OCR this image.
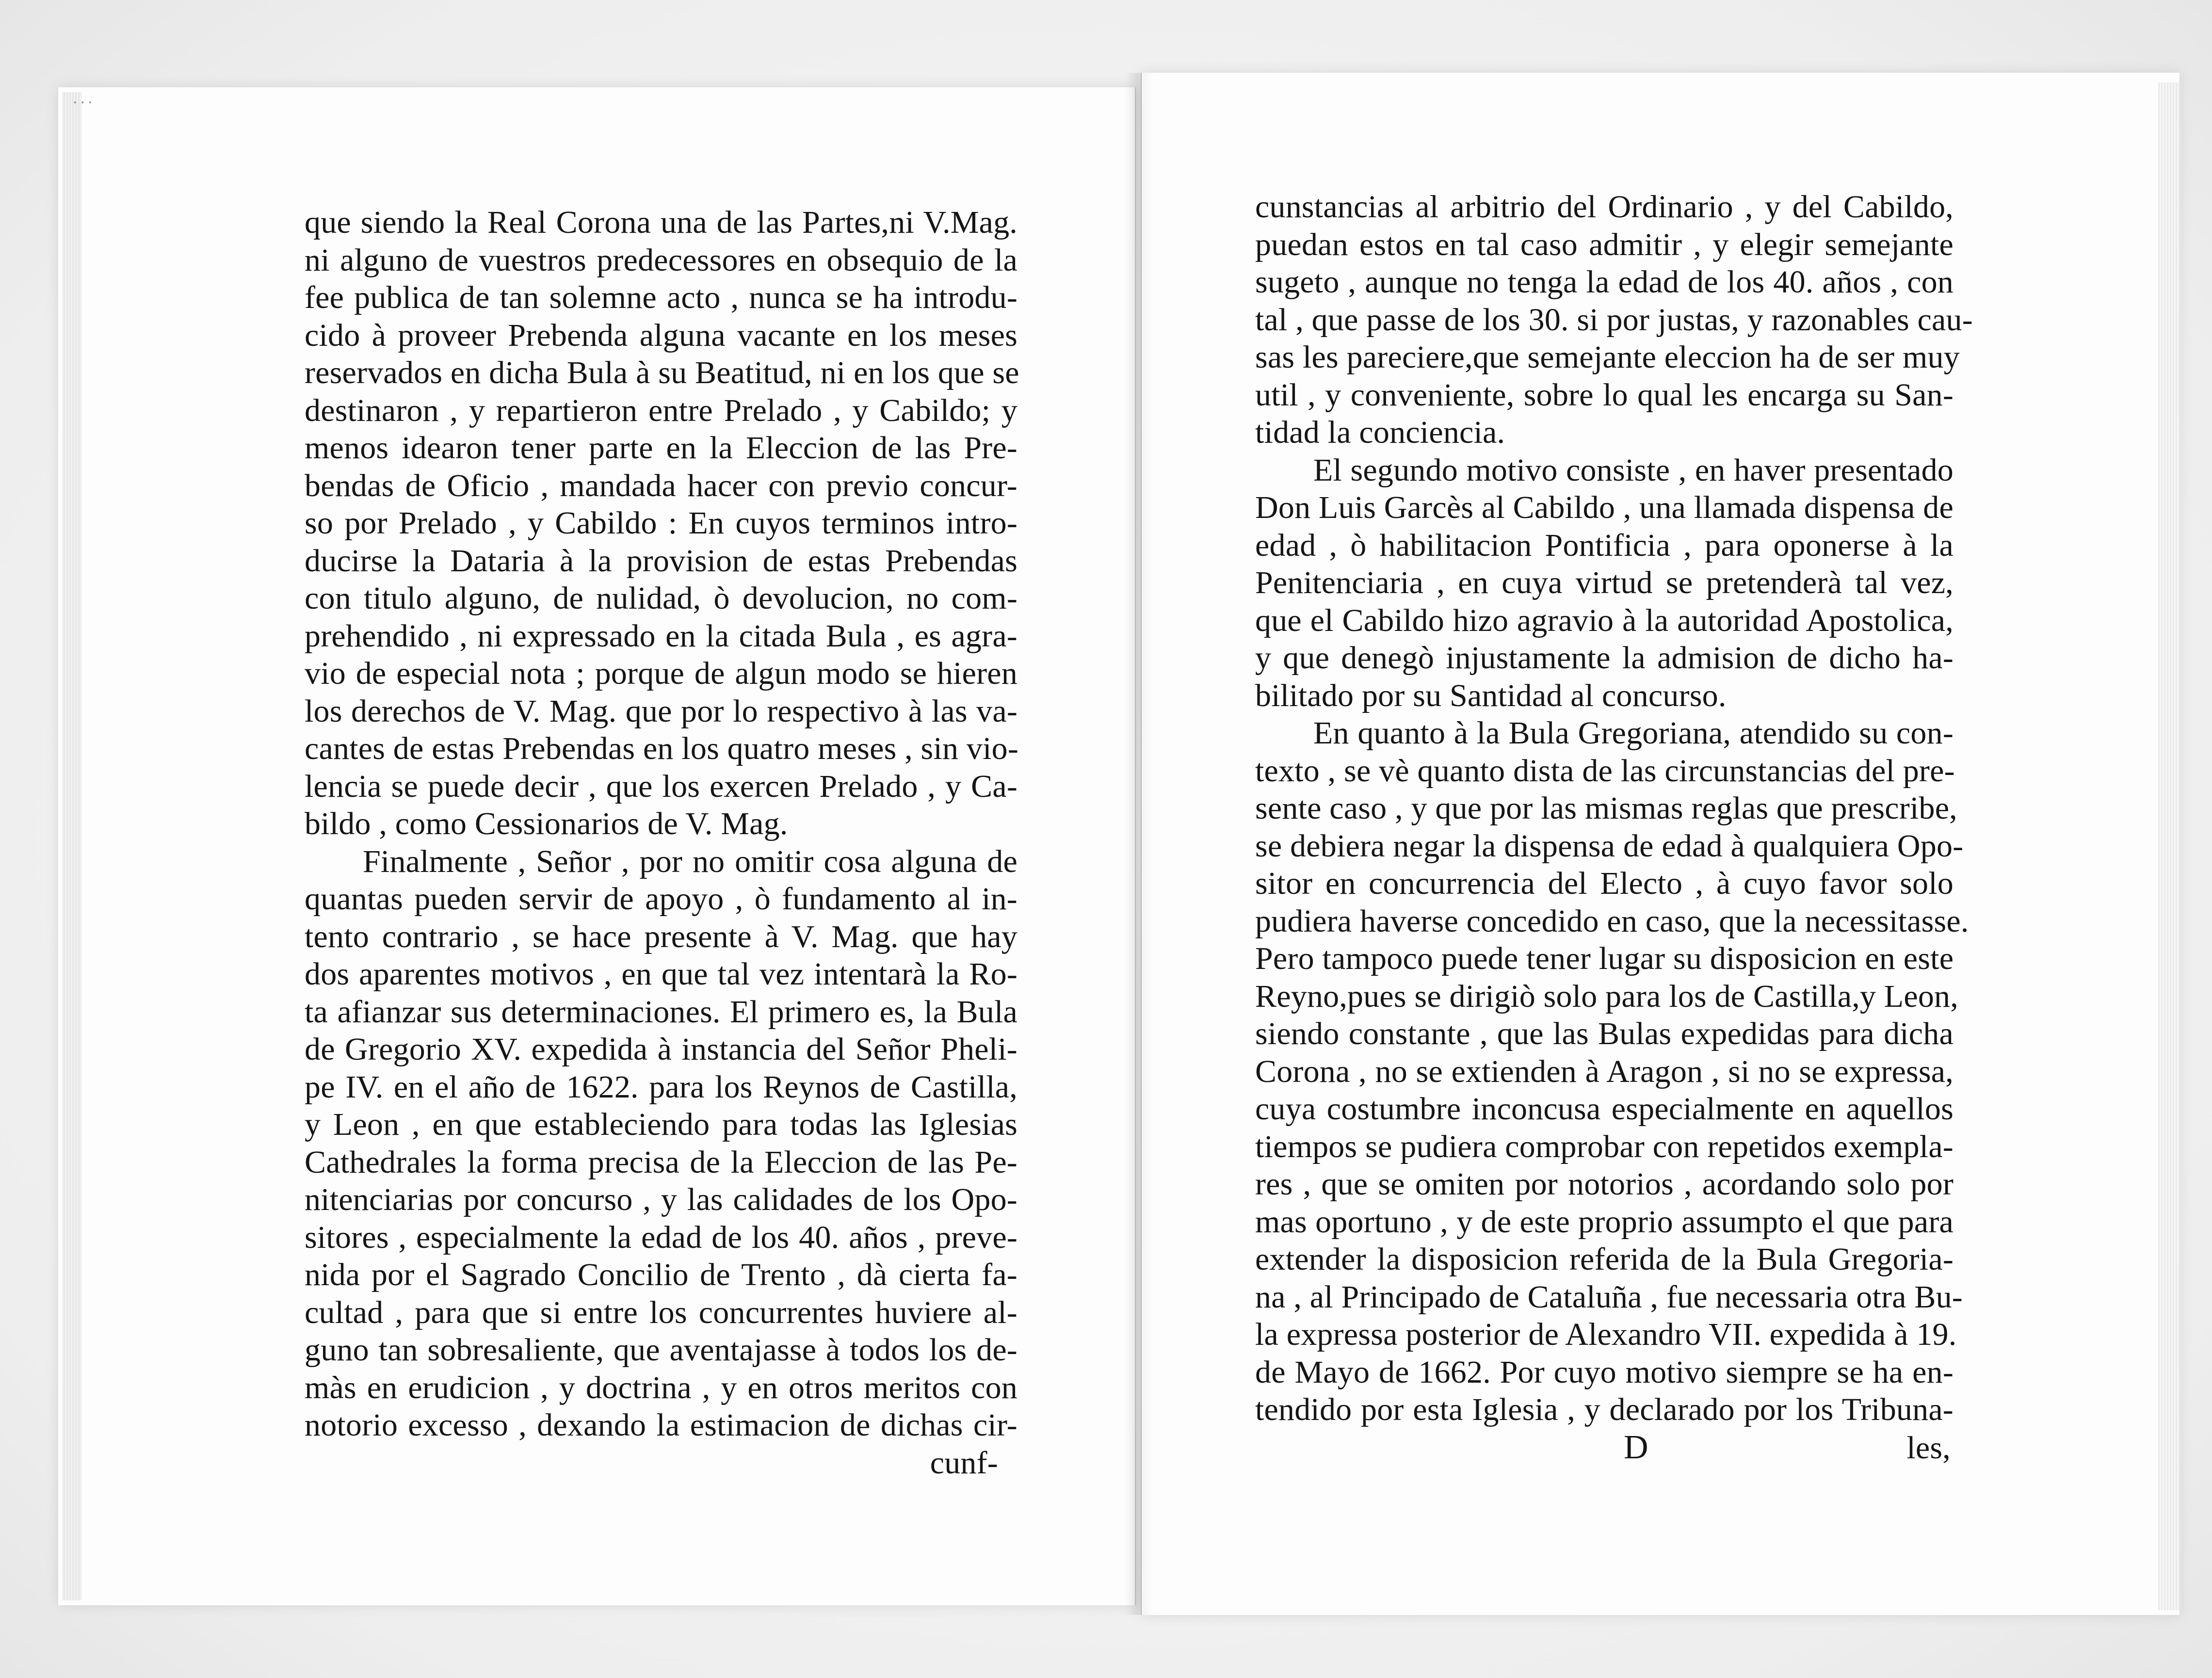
...
que siendo la Real Corona una de las Partes,ni V.Mag.
ni alguno de vuestros predecessores en obsequio de la
fee publica de tan solemne acto , nunca se ha introdu-
cido à proveer Prebenda alguna vacante en los meses
reservados en dicha Bula à su Beatitud, ni en los que se
destinaron , y repartieron entre Prelado , y Cabildo; y
menos idearon tener parte en la Eleccion de las Pre-
bendas de Oficio , mandada hacer con previo concur-
so por Prelado , y Cabildo : En cuyos terminos intro-
ducirse la Dataria à la provision de estas Prebendas
con titulo alguno, de nulidad, ò devolucion, no com-
prehendido , ni expressado en la citada Bula , es agra-
vio de especial nota ; porque de algun modo se hieren
los derechos de V. Mag. que por lo respectivo à las va-
cantes de estas Prebendas en los quatro meses , sin vio-
lencia se puede decir , que los exercen Prelado , y Ca-
bildo , como Cessionarios de V. Mag.
Finalmente , Señor , por no omitir cosa alguna de
quantas pueden servir de apoyo , ò fundamento al in-
tento contrario , se hace presente à V. Mag. que hay
dos aparentes motivos , en que tal vez intentarà la Ro-
ta afianzar sus determinaciones. El primero es, la Bula
de Gregorio XV. expedida à instancia del Señor Pheli-
pe IV. en el año de 1622. para los Reynos de Castilla,
y Leon , en que estableciendo para todas las Iglesias
Cathedrales la forma precisa de la Eleccion de las Pe-
nitenciarias por concurso , y las calidades de los Opo-
sitores , especialmente la edad de los 40. años , preve-
nida por el Sagrado Concilio de Trento , dà cierta fa-
cultad , para que si entre los concurrentes huviere al-
guno tan sobresaliente, que aventajasse à todos los de-
màs en erudicion , y doctrina , y en otros meritos con
notorio excesso , dexando la estimacion de dichas cir-
cunf-
cunstancias al arbitrio del Ordinario , y del Cabildo,
puedan estos en tal caso admitir , y elegir semejante
sugeto , aunque no tenga la edad de los 40. años , con
tal , que passe de los 30. si por justas, y razonables cau-
sas les pareciere,que semejante eleccion ha de ser muy
util , y conveniente, sobre lo qual les encarga su San-
tidad la conciencia.
El segundo motivo consiste , en haver presentado
Don Luis Garcès al Cabildo , una llamada dispensa de
edad , ò habilitacion Pontificia , para oponerse à la
Penitenciaria , en cuya virtud se pretenderà tal vez,
que el Cabildo hizo agravio à la autoridad Apostolica,
y que denegò injustamente la admision de dicho ha-
bilitado por su Santidad al concurso.
En quanto à la Bula Gregoriana, atendido su con-
texto , se vè quanto dista de las circunstancias del pre-
sente caso , y que por las mismas reglas que prescribe,
se debiera negar la dispensa de edad à qualquiera Opo-
sitor en concurrencia del Electo , à cuyo favor solo
pudiera haverse concedido en caso, que la necessitasse.
Pero tampoco puede tener lugar su disposicion en este
Reyno,pues se dirigiò solo para los de Castilla,y Leon,
siendo constante , que las Bulas expedidas para dicha
Corona , no se extienden à Aragon , si no se expressa,
cuya costumbre inconcusa especialmente en aquellos
tiempos se pudiera comprobar con repetidos exempla-
res , que se omiten por notorios , acordando solo por
mas oportuno , y de este proprio assumpto el que para
extender la disposicion referida de la Bula Gregoria-
na , al Principado de Cataluña , fue necessaria otra Bu-
la expressa posterior de Alexandro VII. expedida à 19.
de Mayo de 1662. Por cuyo motivo siempre se ha en-
tendido por esta Iglesia , y declarado por los Tribuna-
D	les,
